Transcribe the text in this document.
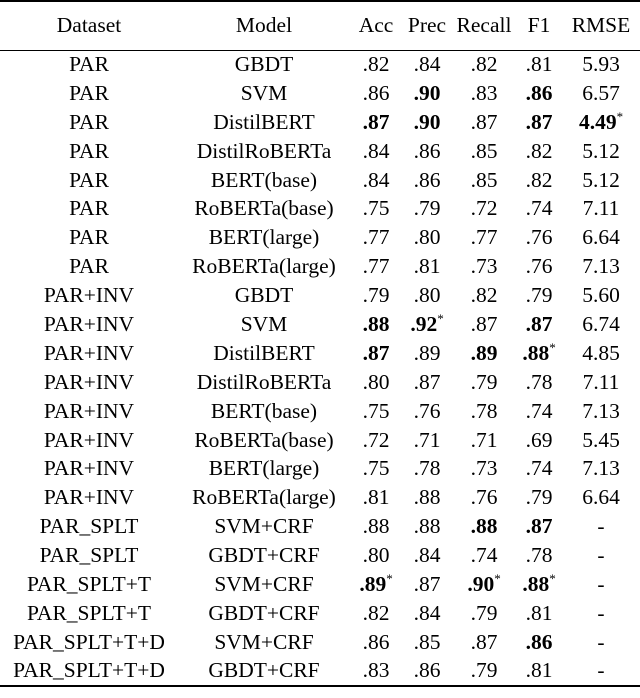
Dataset	Model	Acc	Prec	Recall	F1	RMSE
PAR	GBDT	.82	.84	.82	.81	5.93
PAR	SVM	.86	.90	.83	.86	6.57
PAR	DistilBERT	.87	.90	.87	.87	4.49*
PAR	DistilRoBERTa	.84	.86	.85	.82	5.12
PAR	BERT(base)	.84	.86	.85	.82	5.12
PAR	RoBERTa(base)	.75	.79	.72	.74	7.11
PAR	BERT(large)	.77	.80	.77	.76	6.64
PAR	RoBERTa(large)	.77	.81	.73	.76	7.13
PAR+INV	GBDT	.79	.80	.82	.79	5.60
PAR+INV	SVM	.88	.92*	.87	.87	6.74
PAR+INV	DistilBERT	.87	.89	.89	.88*	4.85
PAR+INV	DistilRoBERTa	.80	.87	.79	.78	7.11
PAR+INV	BERT(base)	.75	.76	.78	.74	7.13
PAR+INV	RoBERTa(base)	.72	.71	.71	.69	5.45
PAR+INV	BERT(large)	.75	.78	.73	.74	7.13
PAR+INV	RoBERTa(large)	.81	.88	.76	.79	6.64
PAR_SPLT	SVM+CRF	.88	.88	.88	.87	-
PAR_SPLT	GBDT+CRF	.80	.84	.74	.78	-
PAR_SPLT+T	SVM+CRF	.89*	.87	.90*	.88*	-
PAR_SPLT+T	GBDT+CRF	.82	.84	.79	.81	-
PAR_SPLT+T+D	SVM+CRF	.86	.85	.87	.86	-
PAR_SPLT+T+D	GBDT+CRF	.83	.86	.79	.81	-
